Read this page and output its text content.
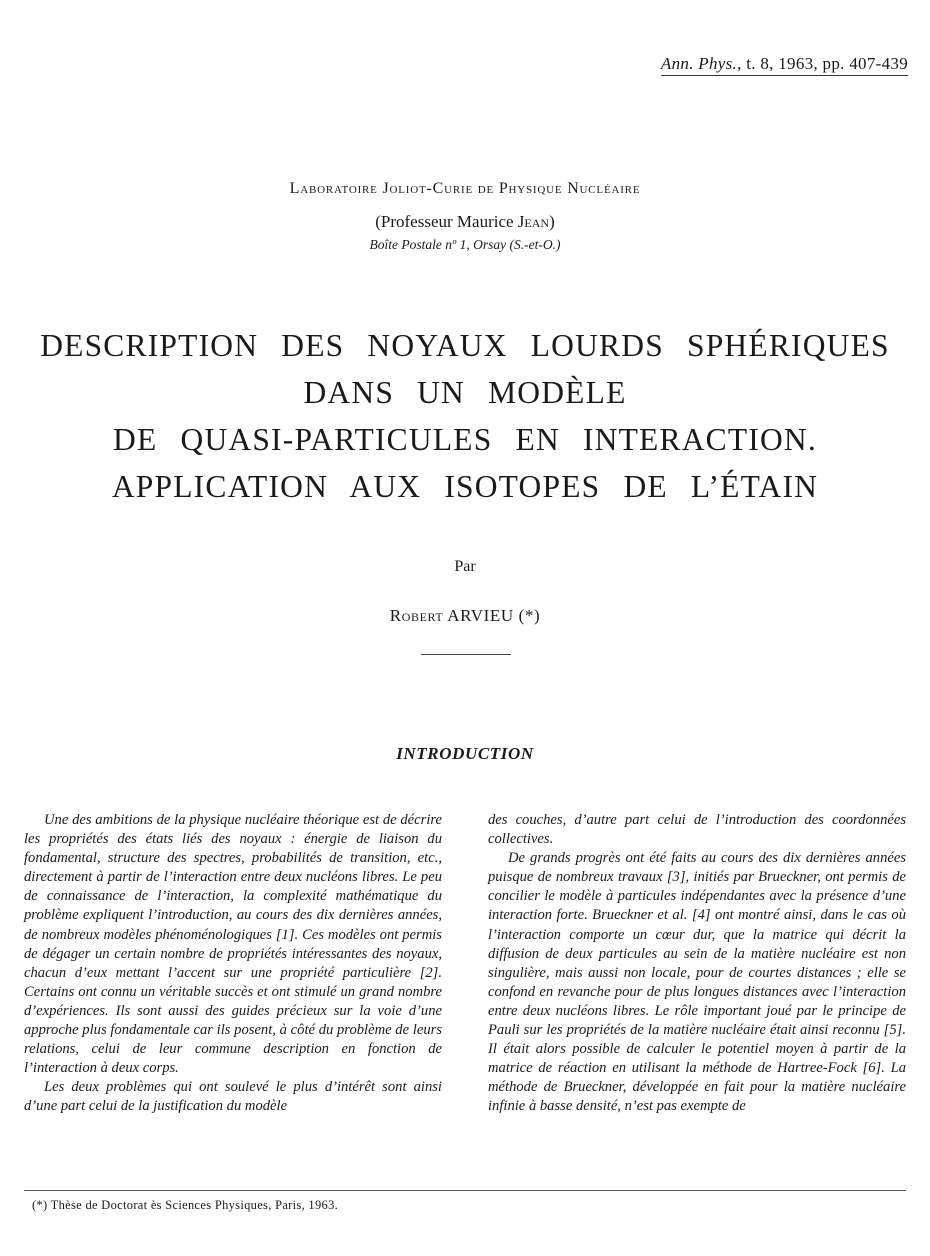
Ann. Phys., t. 8, 1963, pp. 407-439
Laboratoire Joliot-Curie de Physique Nucléaire
(Professeur Maurice Jean)
Boîte Postale nº 1, Orsay (S.-et-O.)
DESCRIPTION DES NOYAUX LOURDS SPHÉRIQUES
DANS UN MODÈLE
DE QUASI-PARTICULES EN INTERACTION.
APPLICATION AUX ISOTOPES DE L’ÉTAIN
Par
Robert ARVIEU (*)
INTRODUCTION

Une des ambitions de la physique nucléaire théorique est de décrire les propriétés des états liés des noyaux : énergie de liaison du fondamental, structure des spectres, probabilités de transition, etc., directement à partir de l’interaction entre deux nucléons libres. Le peu de connaissance de l’interaction, la complexité mathématique du problème expliquent l’introduction, au cours des dix dernières années, de nombreux modèles phénoménologiques [1]. Ces modèles ont permis de dégager un certain nombre de propriétés intéressantes des noyaux, chacun d’eux mettant l’accent sur une propriété particulière [2]. Certains ont connu un véritable succès et ont stimulé un grand nombre d’expériences. Ils sont aussi des guides précieux sur la voie d’une approche plus fondamentale car ils posent, à côté du problème de leurs relations, celui de leur commune description en fonction de l’interaction à deux corps.

Les deux problèmes qui ont soulevé le plus d’intérêt sont ainsi d’une part celui de la justification du modèle

des couches, d’autre part celui de l’introduction des coordonnées collectives.

De grands progrès ont été faits au cours des dix dernières années puisque de nombreux travaux [3], initiés par Brueckner, ont permis de concilier le modèle à particules indépendantes avec la présence d’une interaction forte. Brueckner et al. [4] ont montré ainsi, dans le cas où l’interaction comporte un cœur dur, que la matrice qui décrit la diffusion de deux particules au sein de la matière nucléaire est non singulière, mais aussi non locale, pour de courtes distances ; elle se confond en revanche pour de plus longues distances avec l’interaction entre deux nucléons libres. Le rôle important joué par le principe de Pauli sur les propriétés de la matière nucléaire était ainsi reconnu [5]. Il était alors possible de calculer le potentiel moyen à partir de la matrice de réaction en utilisant la méthode de Hartree-Fock [6]. La méthode de Brueckner, développée en fait pour la matière nucléaire infinie à basse densité, n’est pas exempte de

(*) Thèse de Doctorat ès Sciences Physiques, Paris, 1963.
